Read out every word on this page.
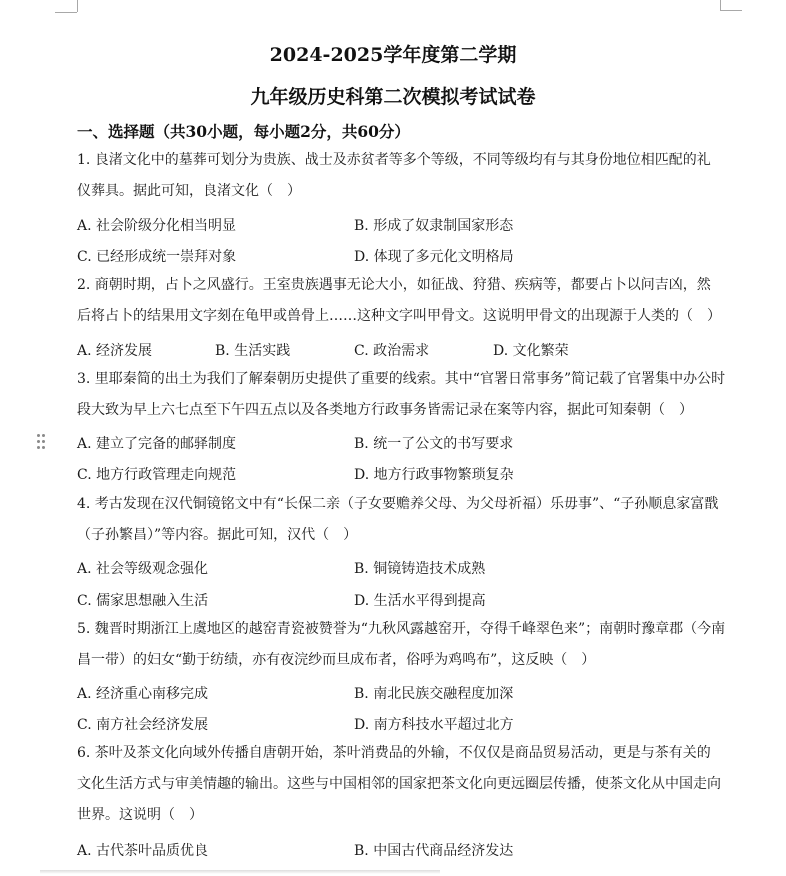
2024-2025学年度第二学期
九年级历史科第二次模拟考试试卷
一、选择题（共30小题，每小题2分，共60分）

1. 良渚文化中的墓葬可划分为贵族、战士及赤贫者等多个等级，不同等级均有与其身份地位相匹配的礼

仪葬具。据此可知，良渚文化（　）

A. 社会阶级分化相当明显	B. 形成了奴隶制国家形态
C. 已经形成统一崇拜对象	D. 体现了多元化文明格局

2. 商朝时期，占卜之风盛行。王室贵族遇事无论大小，如征战、狩猎、疾病等，都要占卜以问吉凶，然

后将占卜的结果用文字刻在龟甲或兽骨上……这种文字叫甲骨文。这说明甲骨文的出现源于人类的（　）

A. 经济发展	B. 生活实践	C. 政治需求	D. 文化繁荣

3. 里耶秦简的出土为我们了解秦朝历史提供了重要的线索。其中“官署日常事务”简记载了官署集中办公时

段大致为早上六七点至下午四五点以及各类地方行政事务皆需记录在案等内容，据此可知秦朝（　）

A. 建立了完备的邮驿制度	B. 统一了公文的书写要求
C. 地方行政管理走向规范	D. 地方行政事物繁琐复杂

4. 考古发现在汉代铜镜铭文中有“长保二亲（子女要赡养父母、为父母祈福）乐毋事”、“子孙顺息家富戬

（子孙繁昌）”等内容。据此可知，汉代（　）

A. 社会等级观念强化	B. 铜镜铸造技术成熟
C. 儒家思想融入生活	D. 生活水平得到提高

5. 魏晋时期浙江上虞地区的越窑青瓷被赞誉为“九秋风露越窑开，夺得千峰翠色来”；南朝时豫章郡（今南

昌一带）的妇女“勤于纺绩，亦有夜浣纱而旦成布者，俗呼为鸡鸣布”，这反映（　）

A. 经济重心南移完成	B. 南北民族交融程度加深
C. 南方社会经济发展	D. 南方科技水平超过北方

6. 茶叶及茶文化向域外传播自唐朝开始，茶叶消费品的外输，不仅仅是商品贸易活动，更是与茶有关的

文化生活方式与审美情趣的输出。这些与中国相邻的国家把茶文化向更远圈层传播，使茶文化从中国走向

世界。这说明（　）

A. 古代茶叶品质优良	B. 中国古代商品经济发达
